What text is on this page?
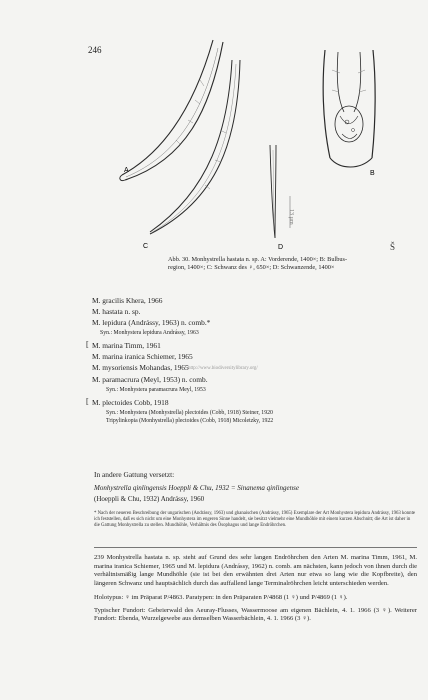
246
A	B
C	D
13 µm
Š
Abb. 30. Monhystrella hastata n. sp. A: Vorderende, 1400×; B: Bulbus-
region, 1400×; C: Schwanz des ♀, 650×; D: Schwanzende, 1400×
M. gracilis Khera, 1966
M. hastata n. sp.
M. lepidura (Andrássy, 1963) n. comb.*
Syn.: Monhystera lepidura Andrássy, 1963
[ M. marina Timm, 1961
M. marina iranica Schiemer, 1965
M. mysoriensis Mohandas, 1965 http://www.biodiversitylibrary.org/
M. paramacrura (Meyl, 1953) n. comb.
Syn.: Monhystera paramacrura Meyl, 1953
[ M. plectoides Cobb, 1918
Syn.: Monhystera (Monhystrella) plectoides (Cobb, 1918) Steiner, 1920
Tripylinkopia (Monhystrella) plectoides (Cobb, 1918) Micoletzky, 1922
In andere Gattung versetzt:
Monhystrella qinlingensis Hoeppli & Chu, 1932 = Sinanema qinlingense
(Hoeppli & Chu, 1932) Andrássy, 1960
* Nach der neueren Beschreibung der ungarischen (Andrássy, 1963) und ghanaischen (Andrássy, 1965) Exemplare der Art Monhystera lepidura Andrássy, 1963 konnte ich feststellen, daß es sich nicht um eine Monhystera im engeren Sinne handelt, sie besitzt vielmehr eine Mundhöhle mit einem kurzen Abschnitt; die Art ist daher in die Gattung Monhystrella zu stellen. Mundhöhle, Verhältnis des Ösophagus und lange Endröhrchen.

239 Monhystrella hastata n. sp. steht auf Grund des sehr langen Endröhrchen den Arten M. marina Timm, 1961, M. marina iranica Schiemer, 1965 und M. lepidura (Andrássy, 1962) n. comb. am nächsten, kann jedoch von ihnen durch die verhältnismäßig lange Mundhöhle (sie ist bei den erwähnten drei Arten nur etwa so lang wie die Kopfbreite), den längeren Schwanz und hauptsächlich durch das auffallend lange Terminalröhrchen leicht unterschieden werden.

Holotypus: ♀ im Präparat P/4863. Paratypen: in den Präparaten P/4868 (1 ♀) und P/4869 (1 ♀).

Typischer Fundort: Gebeierwald des Aeuray-Flusses, Wassermoose am eigenen Bächlein, 4. 1. 1966 (3 ♀). Weiterer Fundort: Ebenda, Wurzelgewebe aus demselben Wasserbächlein, 4. 1. 1966 (3 ♀).
